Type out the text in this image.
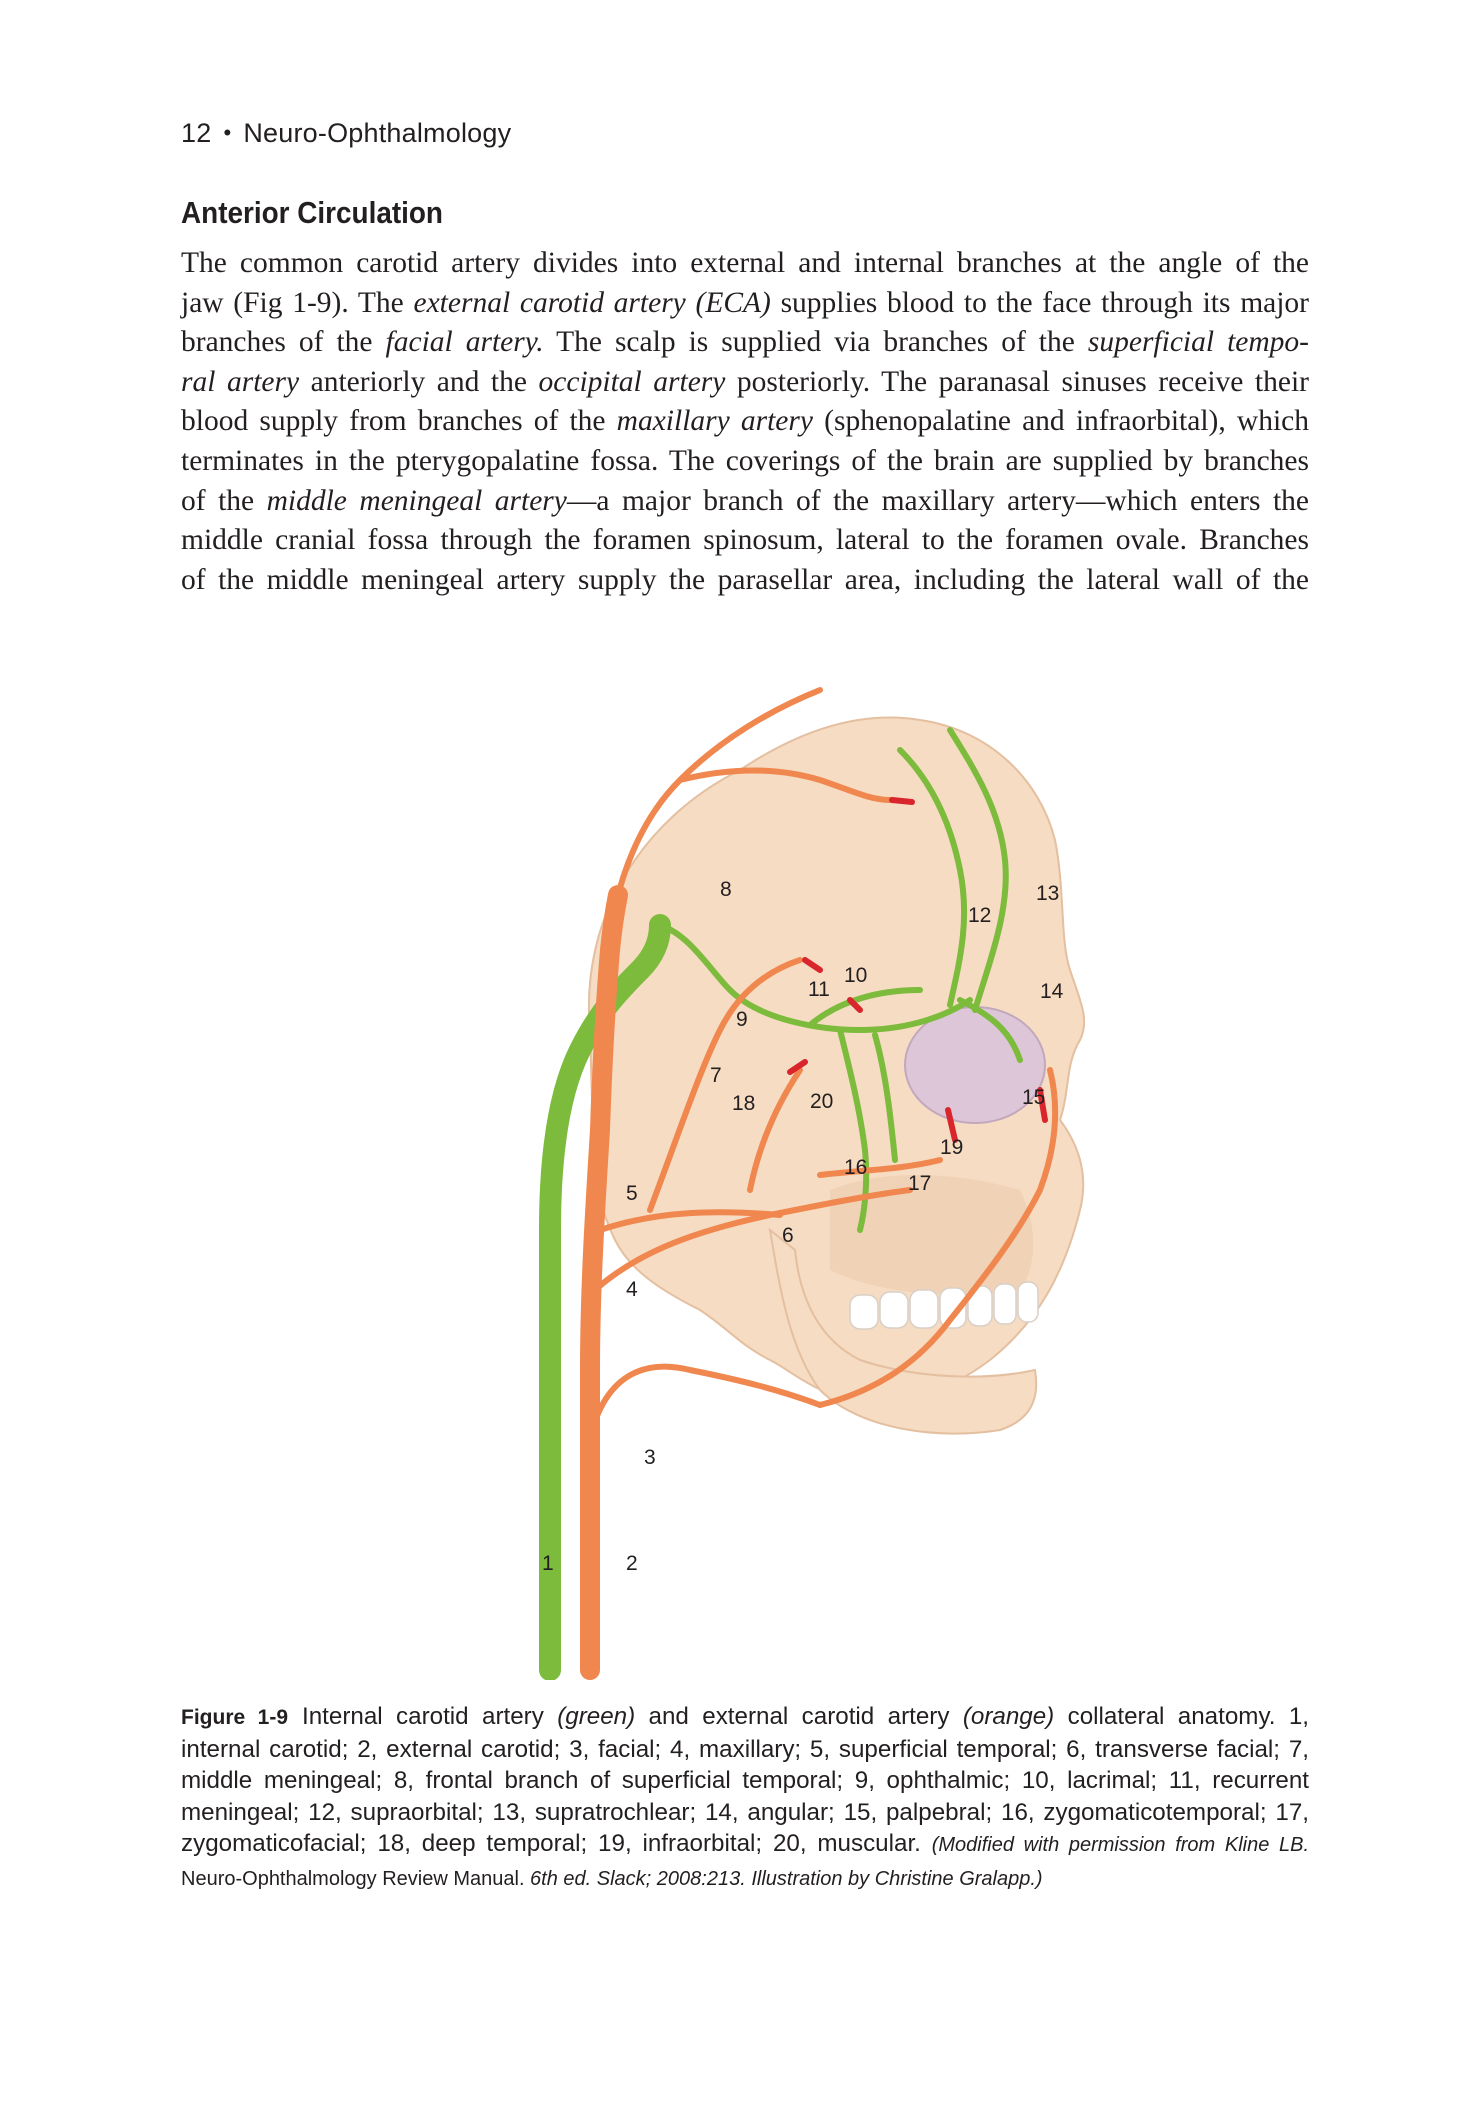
12 • Neuro-Ophthalmology
Anterior Circulation
The common carotid artery divides into external and internal branches at the angle of the
jaw (Fig 1-9). The external carotid artery (ECA) supplies blood to the face through its major
branches of the facial artery. The scalp is supplied via branches of the superficial tempo-
ral artery anteriorly and the occipital artery posteriorly. The paranasal sinuses receive their
blood supply from branches of the maxillary artery (sphenopalatine and infraorbital), which
terminates in the pterygopalatine fossa. The coverings of the brain are supplied by branches
of the middle meningeal artery—a major branch of the maxillary artery—which enters the
middle cranial fossa through the foramen spinosum, lateral to the foramen ovale. Branches
of the middle meningeal artery supply the parasellar area, including the lateral wall of the
1	2
3
4
5
6
7
8
9
10
11
12
13
14
15
16
17
18
19
20
Figure 1-9 Internal carotid artery (green) and external carotid artery (orange) collateral anatomy. 1, internal carotid; 2, external carotid; 3, facial; 4, maxillary; 5, superficial temporal; 6, transverse facial; 7, middle meningeal; 8, frontal branch of superficial temporal; 9, ophthalmic; 10, lacrimal; 11, recurrent meningeal; 12, supraorbital; 13, supratrochlear; 14, angular; 15, palpebral; 16, zygomaticotemporal; 17, zygomaticofacial; 18, deep temporal; 19, infraorbital; 20, muscular. (Modified with permission from Kline LB. Neuro-Ophthalmology Review Manual. 6th ed. Slack; 2008:213. Illustration by Christine Gralapp.)
